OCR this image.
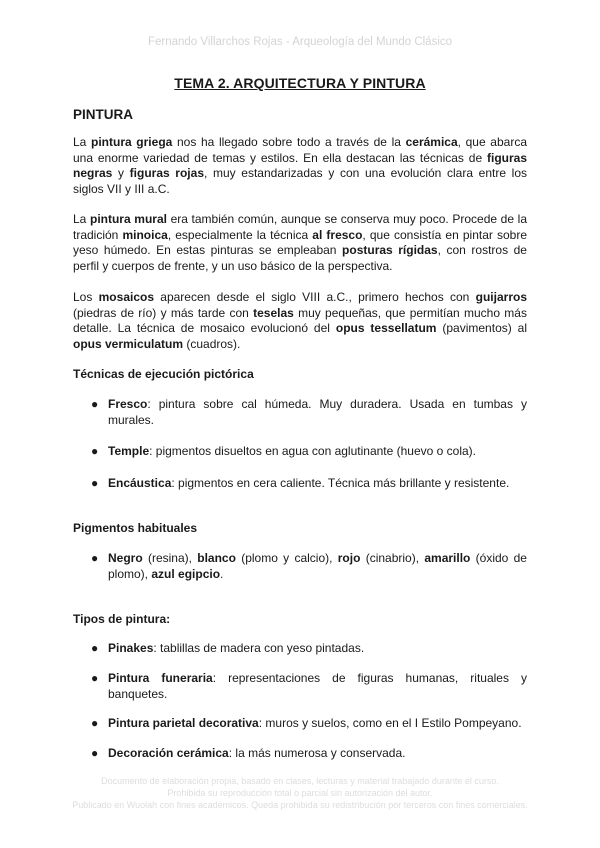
Fernando Villarchos Rojas - Arqueología del Mundo Clásico
TEMA 2. ARQUITECTURA Y PINTURA
PINTURA
La pintura griega nos ha llegado sobre todo a través de la cerámica, que abarca una enorme variedad de temas y estilos. En ella destacan las técnicas de figuras negras y figuras rojas, muy estandarizadas y con una evolución clara entre los siglos VII y III a.C.
La pintura mural era también común, aunque se conserva muy poco. Procede de la tradición minoica, especialmente la técnica al fresco, que consistía en pintar sobre yeso húmedo. En estas pinturas se empleaban posturas rígidas, con rostros de perfil y cuerpos de frente, y un uso básico de la perspectiva.
Los mosaicos aparecen desde el siglo VIII a.C., primero hechos con guijarros (piedras de río) y más tarde con teselas muy pequeñas, que permitían mucho más detalle. La técnica de mosaico evolucionó del opus tessellatum (pavimentos) al opus vermiculatum (cuadros).
Técnicas de ejecución pictórica
● Fresco: pintura sobre cal húmeda. Muy duradera. Usada en tumbas y murales.
● Temple: pigmentos disueltos en agua con aglutinante (huevo o cola).
● Encáustica: pigmentos en cera caliente. Técnica más brillante y resistente.
Pigmentos habituales
● Negro (resina), blanco (plomo y calcio), rojo (cinabrio), amarillo (óxido de plomo), azul egipcio.
Tipos de pintura:
● Pinakes: tablillas de madera con yeso pintadas.
● Pintura funeraria: representaciones de figuras humanas, rituales y banquetes.
● Pintura parietal decorativa: muros y suelos, como en el I Estilo Pompeyano.
● Decoración cerámica: la más numerosa y conservada.
Documento de elaboración propia, basado en clases, lecturas y material trabajado durante el curso.
Prohibida su reproducción total o parcial sin autorización del autor.
Publicado en Wuolah con fines académicos. Queda prohibida su redistribución por terceros con fines comerciales.
